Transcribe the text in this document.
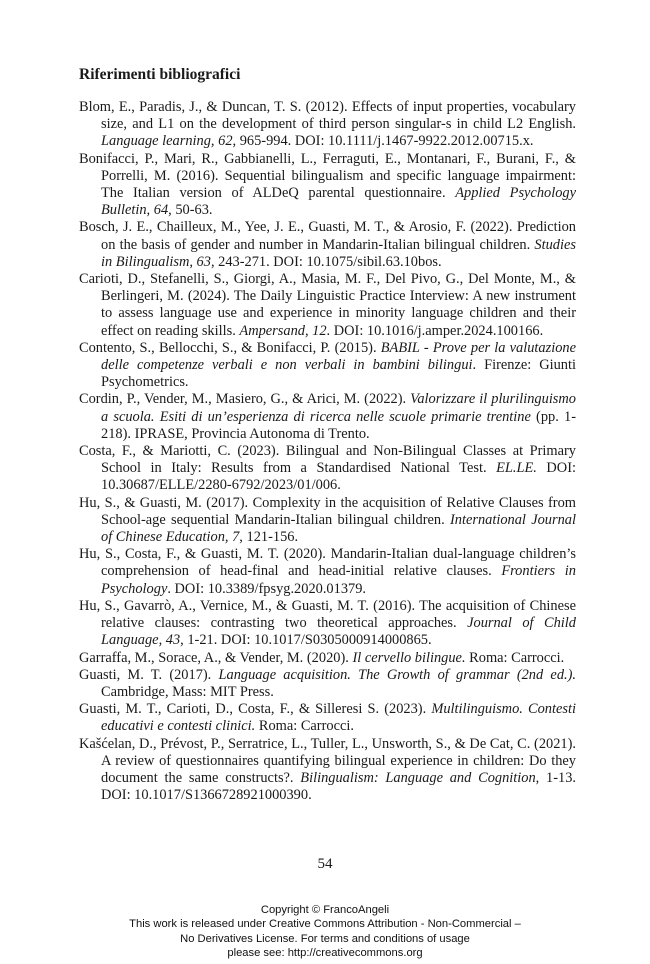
Riferimenti bibliografici

Blom, E., Paradis, J., & Duncan, T. S. (2012). Effects of input properties, vocabulary size, and L1 on the development of third person singular-s in child L2 English. Language learning, 62, 965-994. DOI: 10.1111/j.1467-9922.2012.00715.x.

Bonifacci, P., Mari, R., Gabbianelli, L., Ferraguti, E., Montanari, F., Burani, F., & Porrelli, M. (2016). Sequential bilingualism and specific language impairment: The Italian version of ALDeQ parental questionnaire. Applied Psychology Bulletin, 64, 50-63.

Bosch, J. E., Chailleux, M., Yee, J. E., Guasti, M. T., & Arosio, F. (2022). Prediction on the basis of gender and number in Mandarin-Italian bilingual children. Studies in Bilingualism, 63, 243-271. DOI: 10.1075/sibil.63.10bos.

Carioti, D., Stefanelli, S., Giorgi, A., Masia, M. F., Del Pivo, G., Del Monte, M., & Berlingeri, M. (2024). The Daily Linguistic Practice Interview: A new instrument to assess language use and experience in minority language children and their effect on reading skills. Ampersand, 12. DOI: 10.1016/j.amper.2024.100166.

Contento, S., Bellocchi, S., & Bonifacci, P. (2015). BABIL - Prove per la valutazione delle competenze verbali e non verbali in bambini bilingui. Firenze: Giunti Psychometrics.

Cordin, P., Vender, M., Masiero, G., & Arici, M. (2022). Valorizzare il plurilinguismo a scuola. Esiti di un’esperienza di ricerca nelle scuole primarie trentine (pp. 1-218). IPRASE, Provincia Autonoma di Trento.

Costa, F., & Mariotti, C. (2023). Bilingual and Non-Bilingual Classes at Primary School in Italy: Results from a Standardised National Test. EL.LE. DOI: 10.30687/ELLE/2280-6792/2023/01/006.

Hu, S., & Guasti, M. (2017). Complexity in the acquisition of Relative Clauses from School-age sequential Mandarin-Italian bilingual children. International Journal of Chinese Education, 7, 121-156.

Hu, S., Costa, F., & Guasti, M. T. (2020). Mandarin-Italian dual-language children’s comprehension of head-final and head-initial relative clauses. Frontiers in Psychology. DOI: 10.3389/fpsyg.2020.01379.

Hu, S., Gavarrò, A., Vernice, M., & Guasti, M. T. (2016). The acquisition of Chinese relative clauses: contrasting two theoretical approaches. Journal of Child Language, 43, 1-21. DOI: 10.1017/S0305000914000865.

Garraffa, M., Sorace, A., & Vender, M. (2020). Il cervello bilingue. Roma: Carrocci.

Guasti, M. T. (2017). Language acquisition. The Growth of grammar (2nd ed.). Cambridge, Mass: MIT Press.

Guasti, M. T., Carioti, D., Costa, F., & Silleresi S. (2023). Multilinguismo. Contesti educativi e contesti clinici. Roma: Carrocci.

Kašćelan, D., Prévost, P., Serratrice, L., Tuller, L., Unsworth, S., & De Cat, C. (2021). A review of questionnaires quantifying bilingual experience in children: Do they document the same constructs?. Bilingualism: Language and Cognition, 1-13. DOI: 10.1017/S1366728921000390.

54
Copyright © FrancoAngeli
This work is released under Creative Commons Attribution - Non-Commercial –
No Derivatives License. For terms and conditions of usage
please see: http://creativecommons.org
